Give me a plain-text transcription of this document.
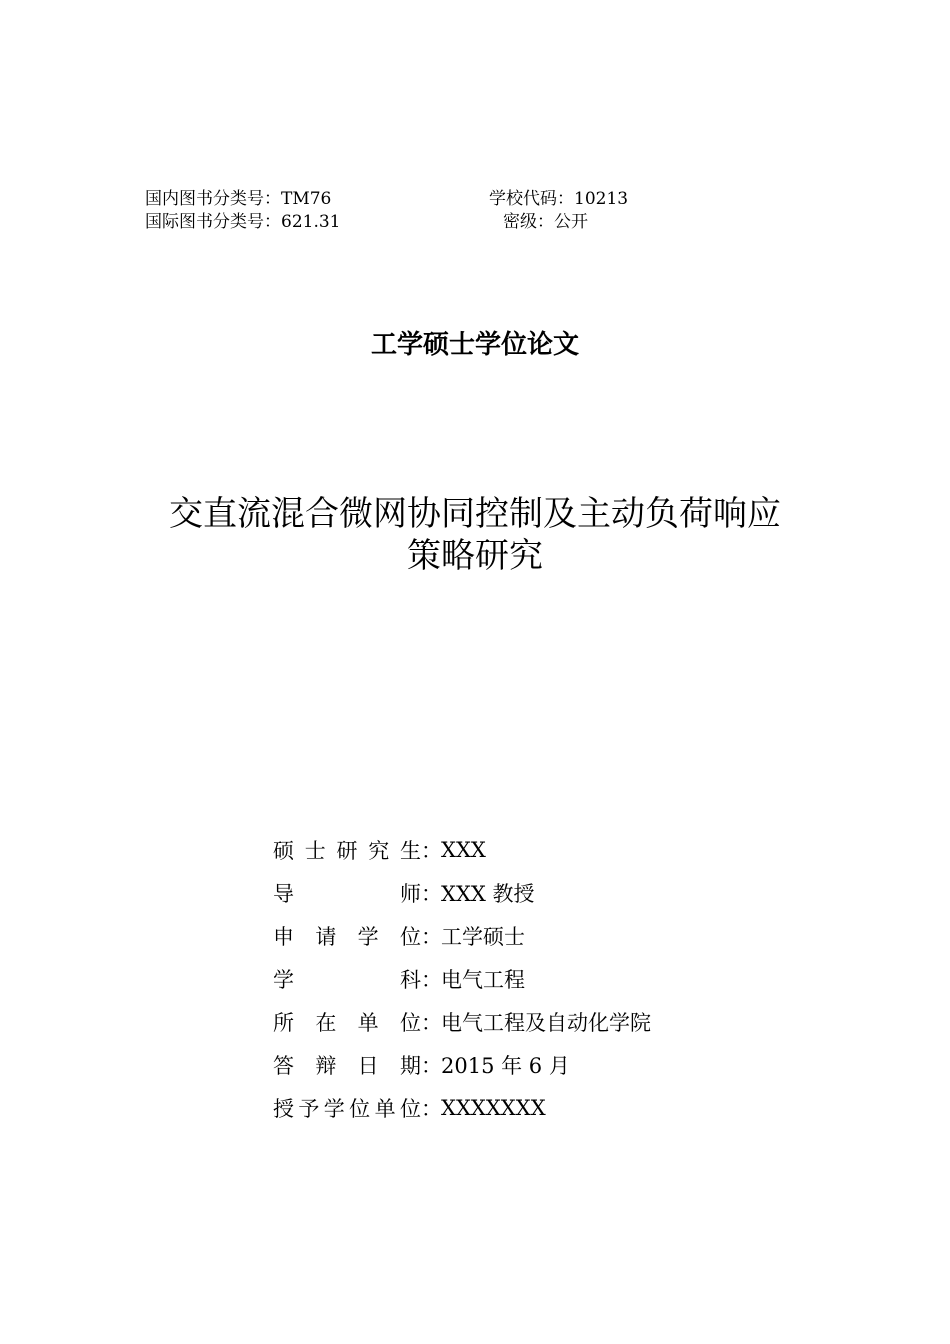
国内图书分类号：TM76	学校代码：10213
国际图书分类号：621.31	密级：公开
工学硕士学位论文
交直流混合微网协同控制及主动负荷响应
策略研究
硕 士 研 究 生 ： XXX
导	师 ： XXX 教授
申 请 学 位 ： 工学硕士
学	科 ： 电气工程
所 在 单 位 ： 电气工程及自动化学院
答 辩 日 期 ： 2015 年 6 月
授 予 学 位 单 位 ： XXXXXXX
